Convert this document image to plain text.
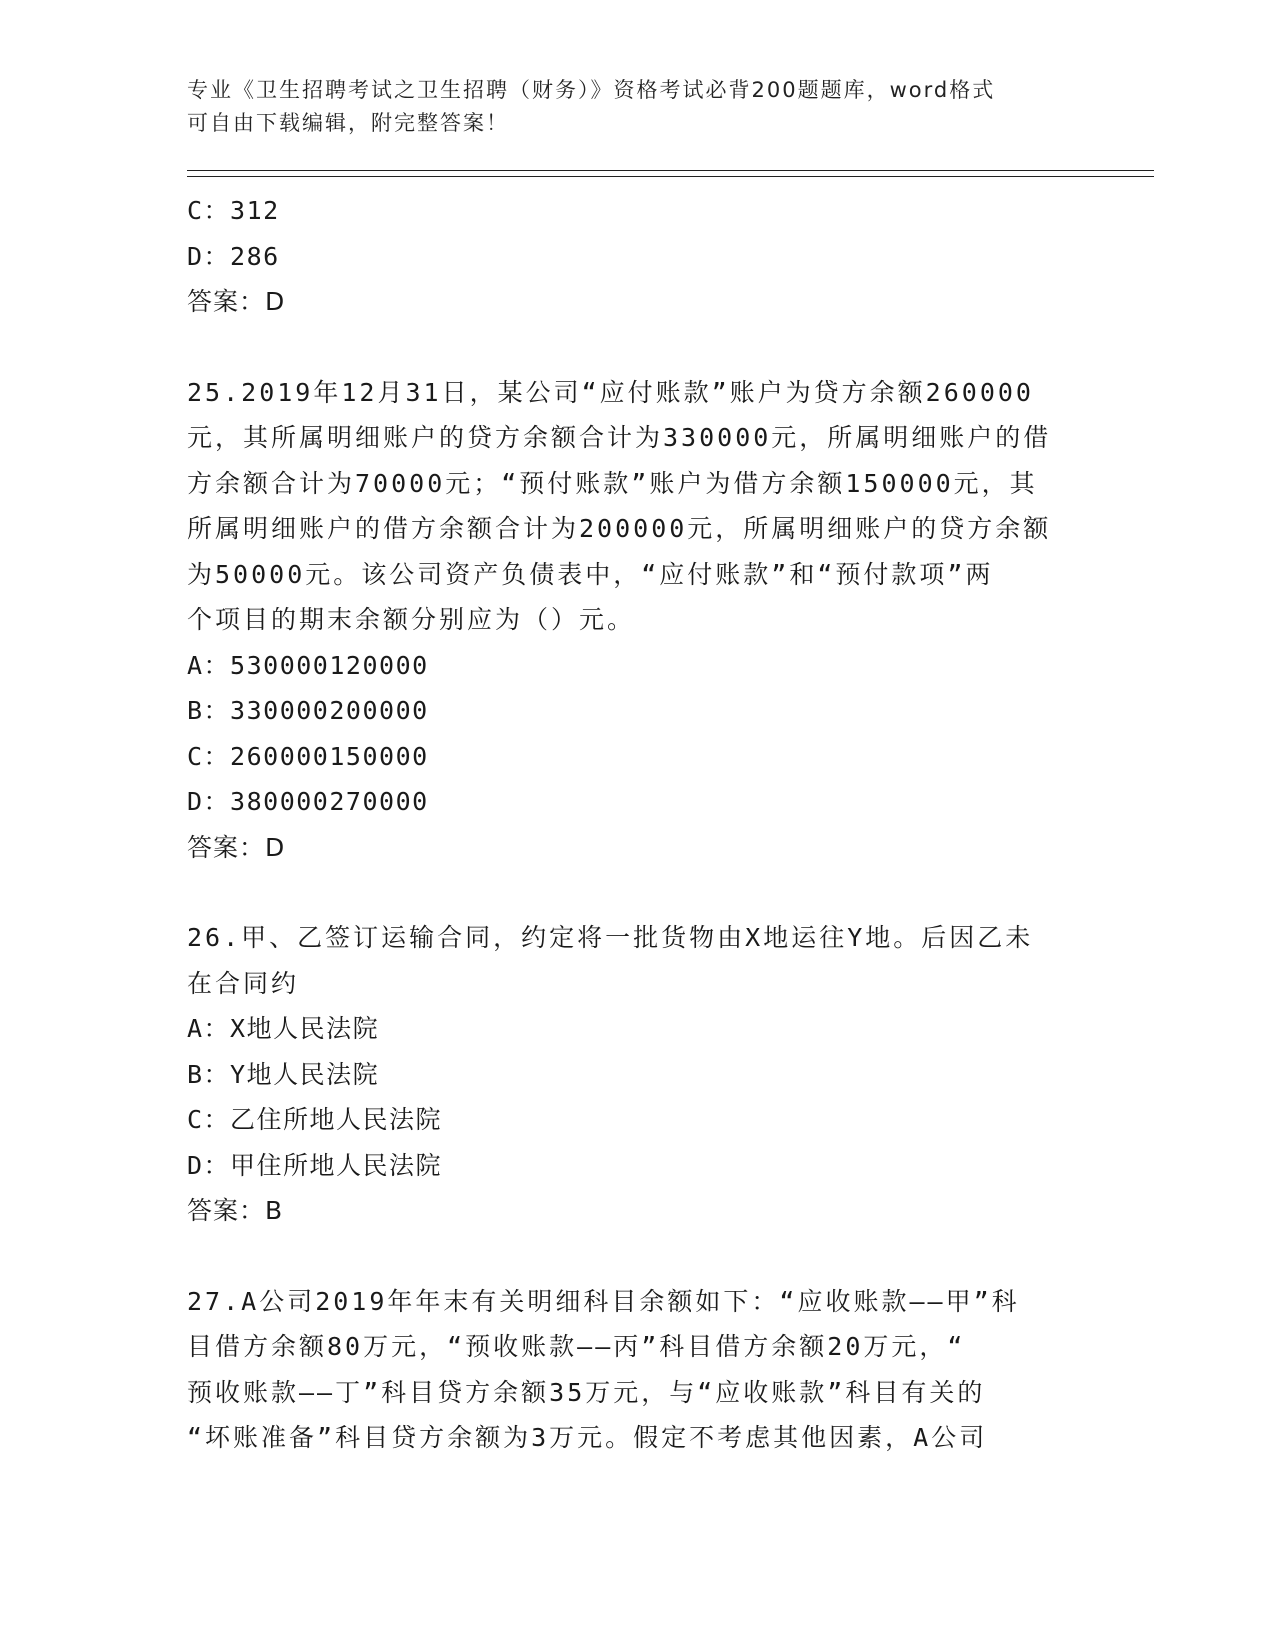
专业《卫生招聘考试之卫生招聘（财务）》资格考试必背200题题库，word格式
可自由下载编辑，附完整答案！
C：312
D：286
答案：D
25.2019年12月31日，某公司“应付账款”账户为贷方余额260000
元，其所属明细账户的贷方余额合计为330000元，所属明细账户的借
方余额合计为70000元；“预付账款”账户为借方余额150000元，其
所属明细账户的借方余额合计为200000元，所属明细账户的贷方余额
为50000元。该公司资产负债表中，“应付账款”和“预付款项”两
个项目的期末余额分别应为（）元。
A：530000120000
B：330000200000
C：260000150000
D：380000270000
答案：D
26.甲、乙签订运输合同，约定将一批货物由X地运往Y地。后因乙未
在合同约
A：X地人民法院
B：Y地人民法院
C：乙住所地人民法院
D：甲住所地人民法院
答案：B
27.A公司2019年年末有关明细科目余额如下：“应收账款——甲”科
目借方余额80万元，“预收账款——丙”科目借方余额20万元，“
预收账款——丁”科目贷方余额35万元，与“应收账款”科目有关的
“坏账准备”科目贷方余额为3万元。假定不考虑其他因素，A公司
